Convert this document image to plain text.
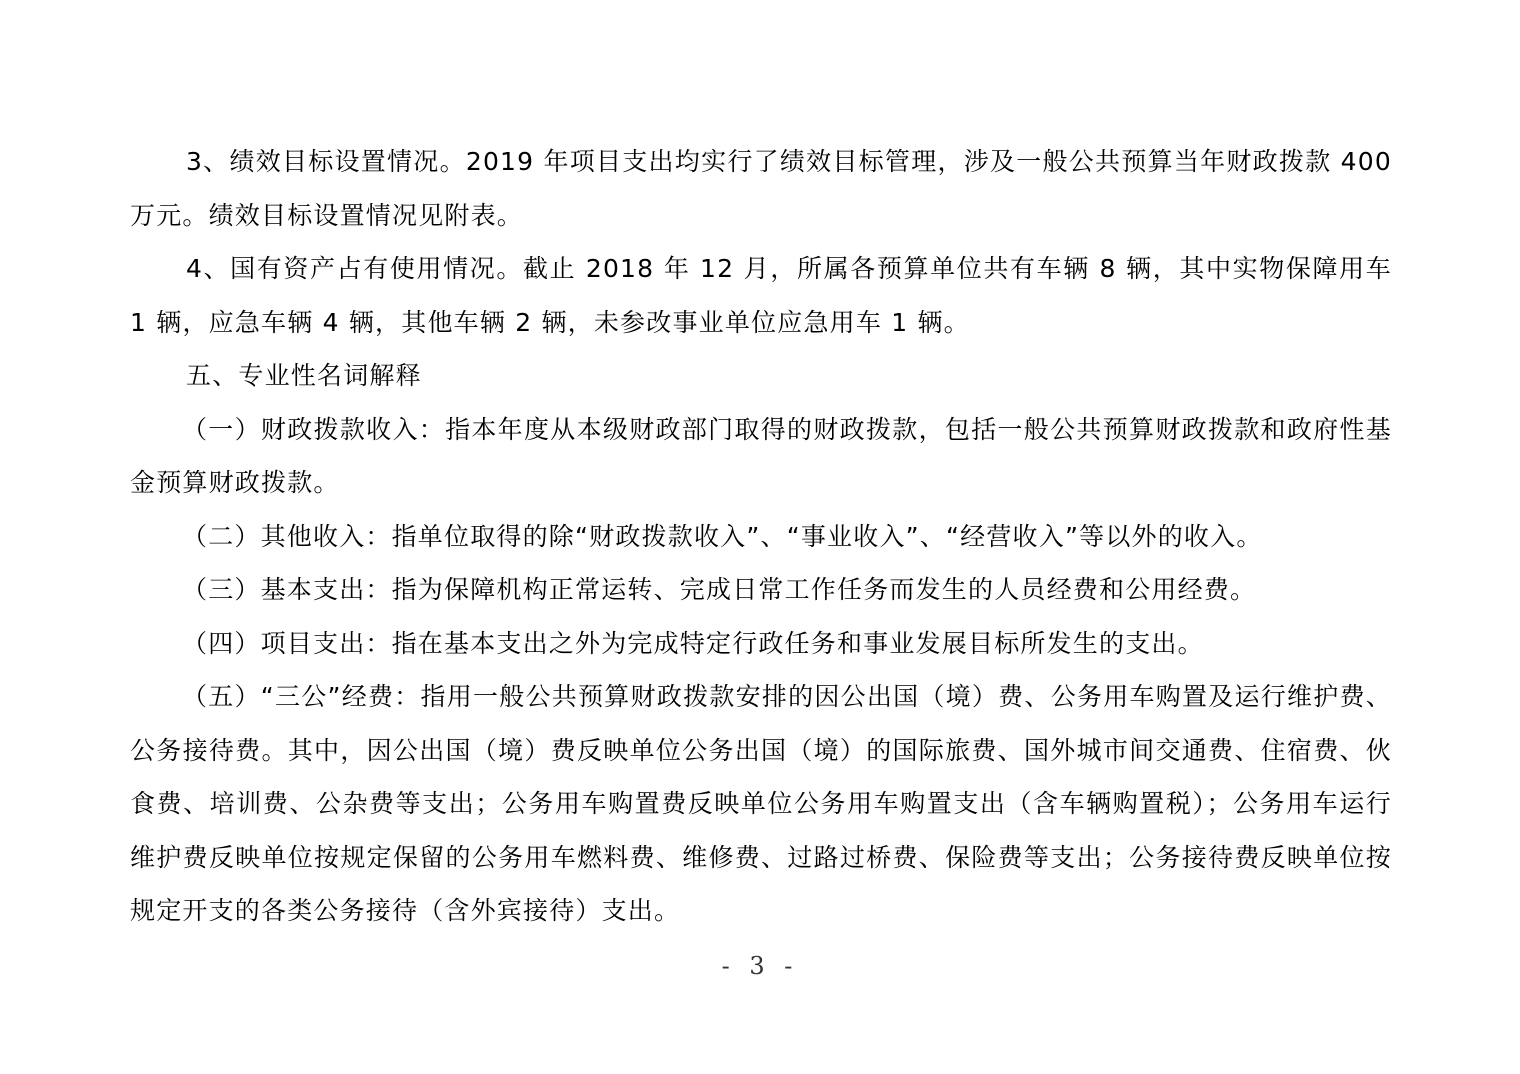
3、绩效目标设置情况。2019 年项目支出均实行了绩效目标管理，涉及一般公共预算当年财政拨款 400 万元。绩效目标设置情况见附表。

4、国有资产占有使用情况。截止 2018 年 12 月，所属各预算单位共有车辆 8 辆，其中实物保障用车 1 辆，应急车辆 4 辆，其他车辆 2 辆，未参改事业单位应急用车 1 辆。

五、专业性名词解释

（一）财政拨款收入：指本年度从本级财政部门取得的财政拨款，包括一般公共预算财政拨款和政府性基金预算财政拨款。

（二）其他收入：指单位取得的除“财政拨款收入”、“事业收入”、“经营收入”等以外的收入。

（三）基本支出：指为保障机构正常运转、完成日常工作任务而发生的人员经费和公用经费。

（四）项目支出：指在基本支出之外为完成特定行政任务和事业发展目标所发生的支出。

（五）“三公”经费：指用一般公共预算财政拨款安排的因公出国（境）费、公务用车购置及运行维护费、公务接待费。其中，因公出国（境）费反映单位公务出国（境）的国际旅费、国外城市间交通费、住宿费、伙食费、培训费、公杂费等支出；公务用车购置费反映单位公务用车购置支出（含车辆购置税）；公务用车运行维护费反映单位按规定保留的公务用车燃料费、维修费、过路过桥费、保险费等支出；公务接待费反映单位按规定开支的各类公务接待（含外宾接待）支出。

- 3 -
